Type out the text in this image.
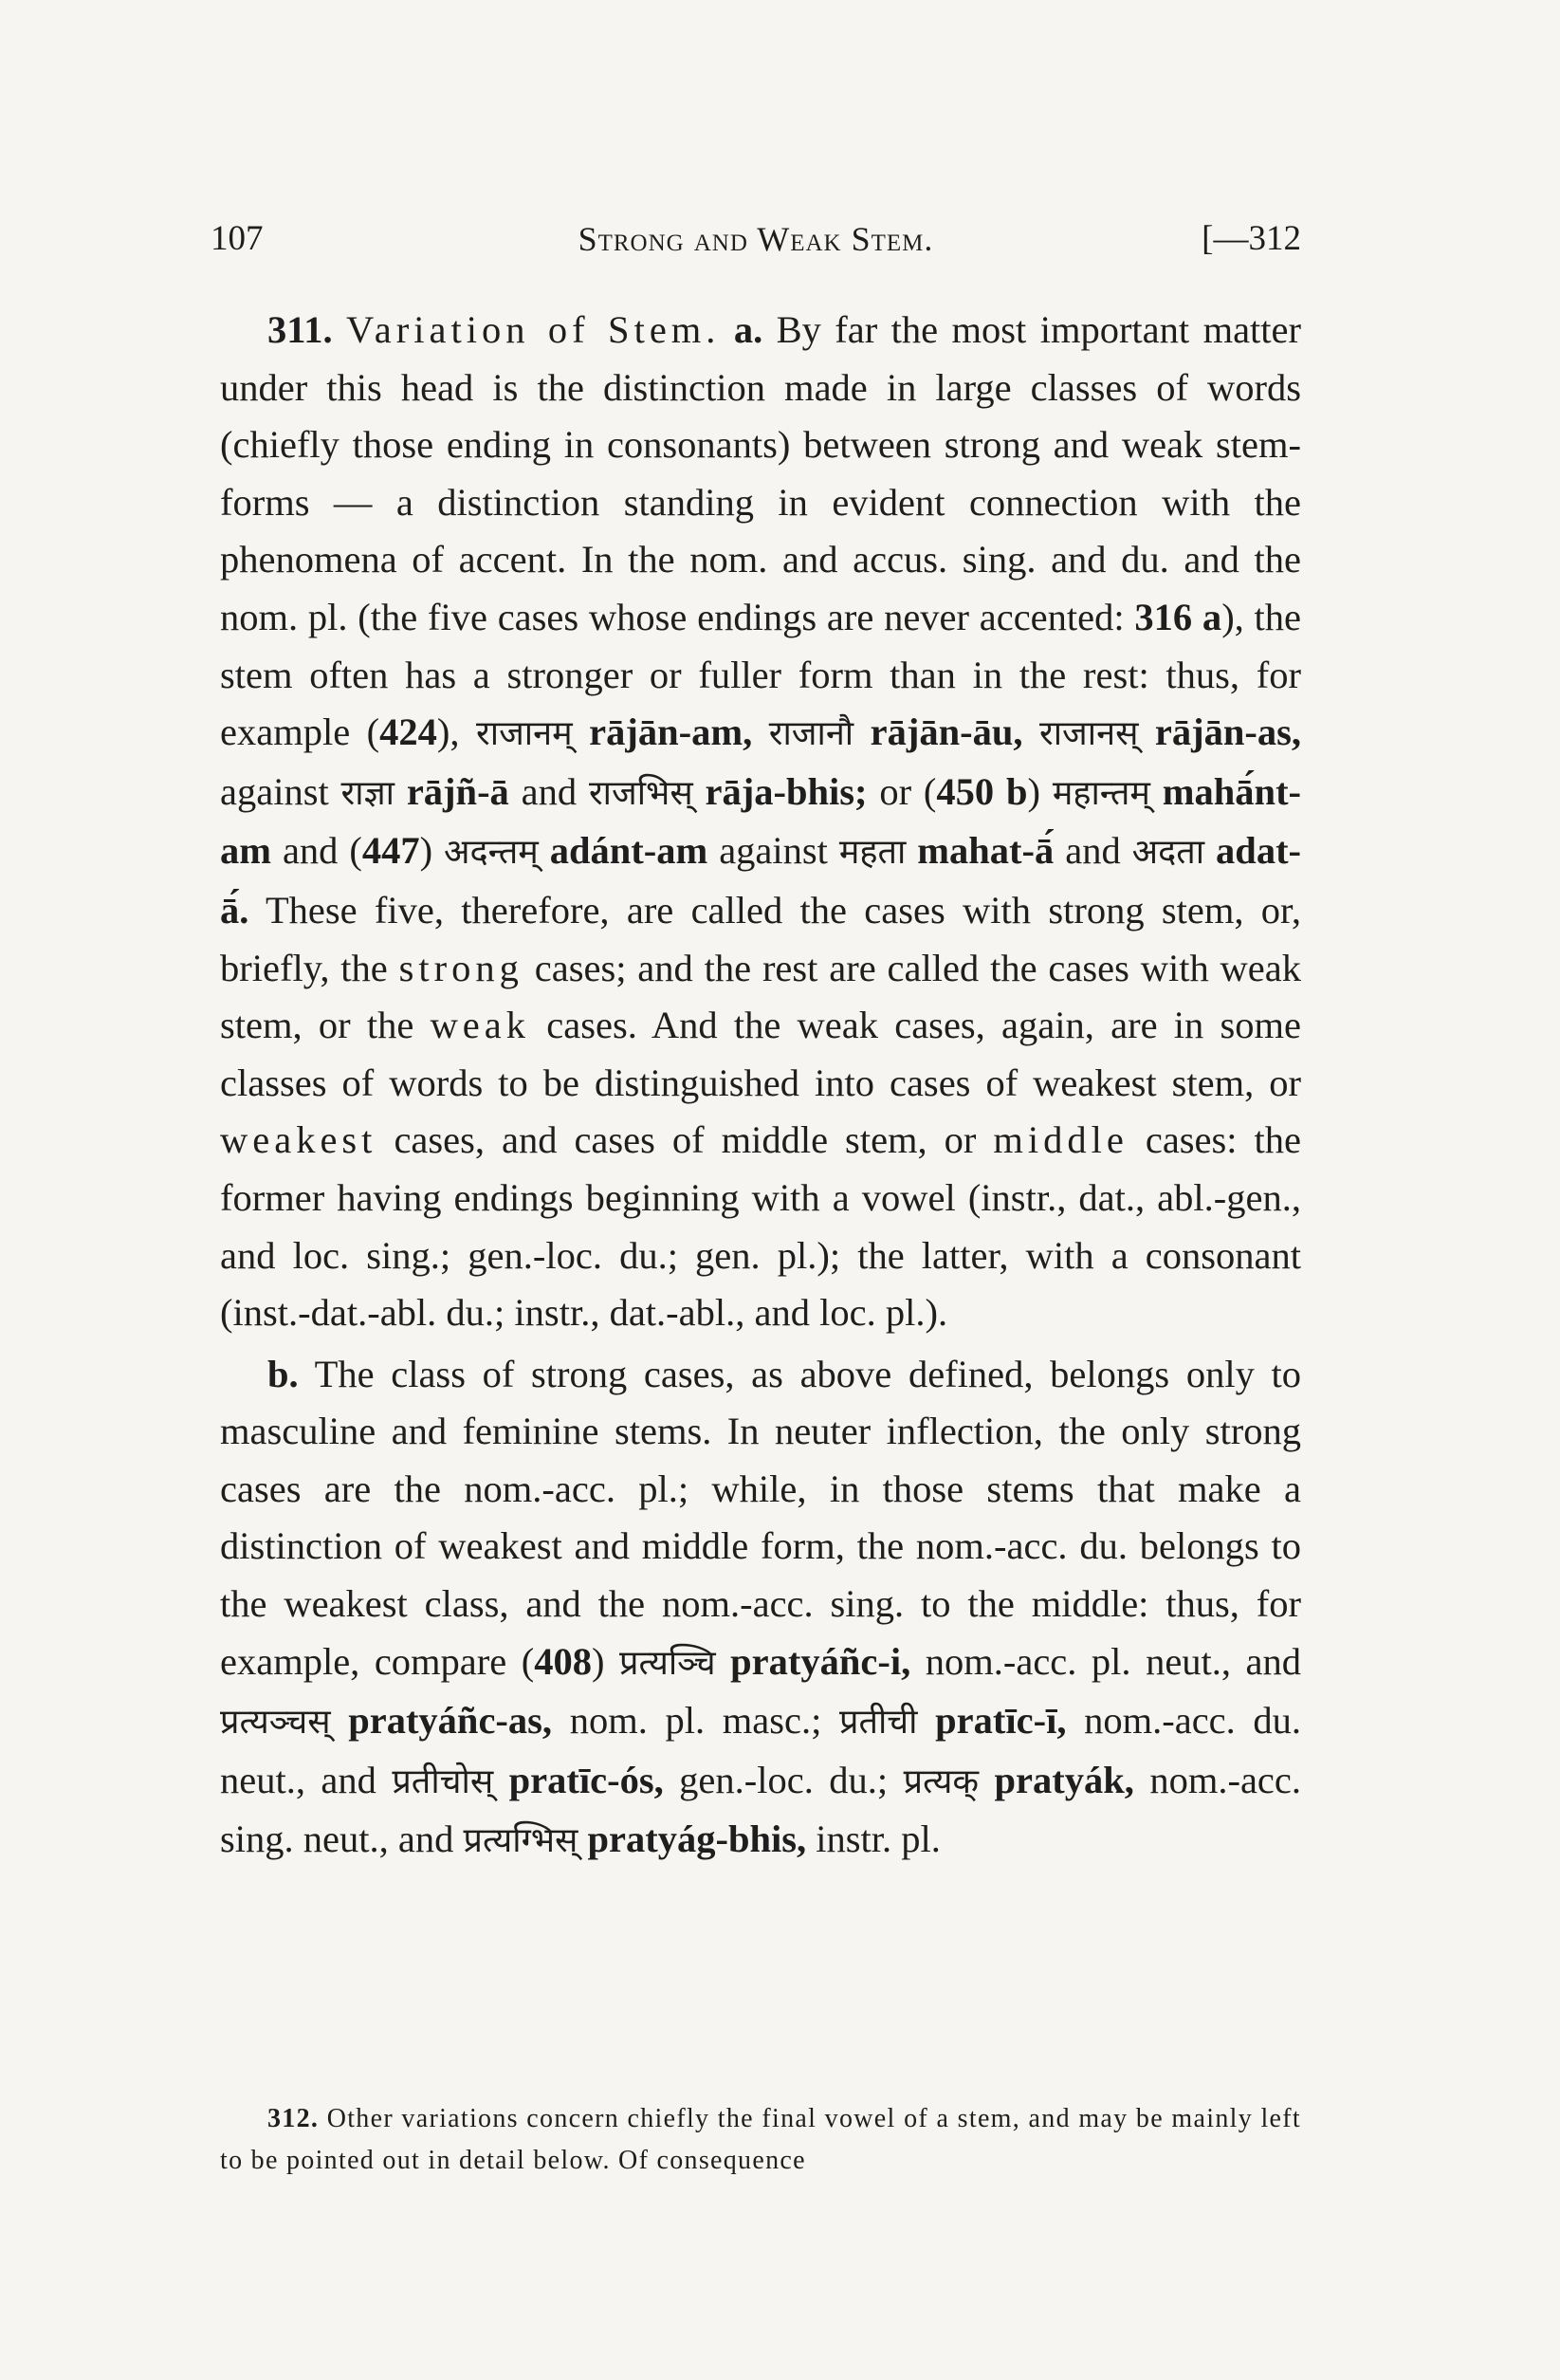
107	Strong and Weak Stem.	[—312

311. Variation of Stem. a. By far the most important matter under this head is the distinction made in large classes of words (chiefly those ending in consonants) between strong and weak stem-forms — a distinction standing in evident connection with the phenomena of accent. In the nom. and accus. sing. and du. and the nom. pl. (the five cases whose endings are never accented: 316 a), the stem often has a stronger or fuller form than in the rest: thus, for example (424), राजानम् rājān-am, राजानौ rājān-āu, राजानस् rājān-as, against राज्ञा rājñ-ā and राजभिस् rāja-bhis; or (450 b) महान्तम् mahā́nt-am and (447) अदन्तम् adánt-am against महता mahat-ā́ and अदता adat-ā́. These five, therefore, are called the cases with strong stem, or, briefly, the strong cases; and the rest are called the cases with weak stem, or the weak cases. And the weak cases, again, are in some classes of words to be distinguished into cases of weakest stem, or weakest cases, and cases of middle stem, or middle cases: the former having endings beginning with a vowel (instr., dat., abl.-gen., and loc. sing.; gen.-loc. du.; gen. pl.); the latter, with a consonant (inst.-dat.-abl. du.; instr., dat.-abl., and loc. pl.).

b. The class of strong cases, as above defined, belongs only to masculine and feminine stems. In neuter inflection, the only strong cases are the nom.-acc. pl.; while, in those stems that make a distinction of weakest and middle form, the nom.-acc. du. belongs to the weakest class, and the nom.-acc. sing. to the middle: thus, for example, compare (408) प्रत्यञ्चि pratyáñc-i, nom.-acc. pl. neut., and प्रत्यञ्चस् pratyáñc-as, nom. pl. masc.; प्रतीची pratīc-ī, nom.-acc. du. neut., and प्रतीचोस् pratīc-ós, gen.-loc. du.; प्रत्यक् pratyák, nom.-acc. sing. neut., and प्रत्यग्भिस् pratyág-bhis, instr. pl.

312. Other variations concern chiefly the final vowel of a stem, and may be mainly left to be pointed out in detail below. Of consequence
